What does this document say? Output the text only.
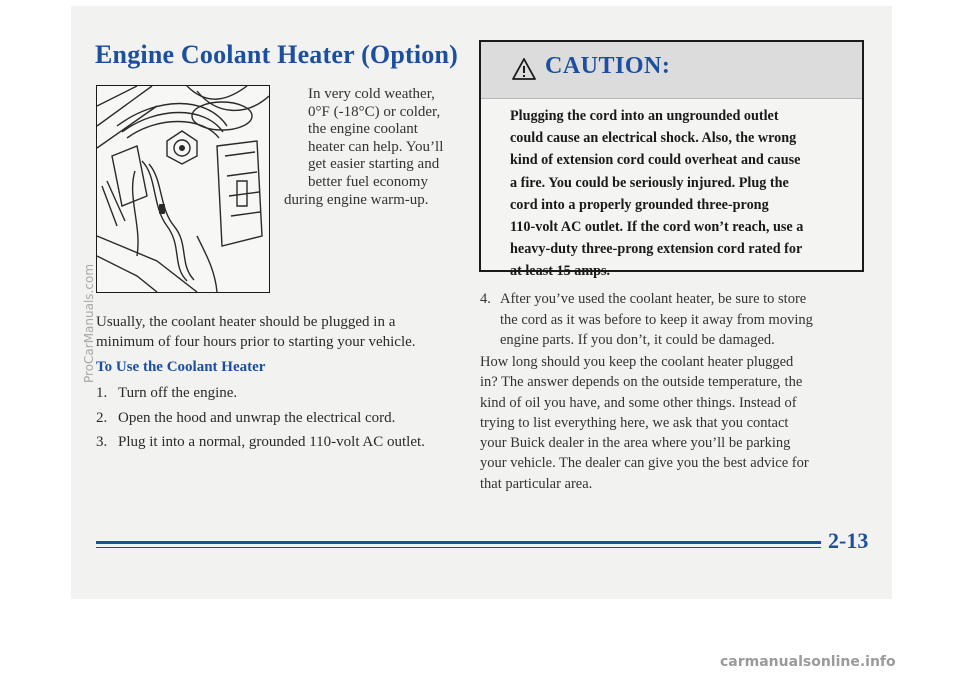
Engine Coolant Heater (Option)

In very cold weather,
0°F (-18°C) or colder,
the engine coolant
heater can help. You’ll
get easier starting and
better fuel economy
during engine warm-up.

Usually, the coolant heater should be plugged in a minimum of four hours prior to starting your vehicle.

To Use the Coolant Heater
1. Turn off the engine.
2. Open the hood and unwrap the electrical cord.
3. Plug it into a normal, grounded 110-volt AC outlet.
CAUTION:

Plugging the cord into an ungrounded outlet
could cause an electrical shock. Also, the wrong
kind of extension cord could overheat and cause
a fire. You could be seriously injured. Plug the
cord into a properly grounded three-prong
110-volt AC outlet. If the cord won’t reach, use a
heavy-duty three-prong extension cord rated for
at least 15 amps.

4. After you’ve used the coolant heater, be sure to store
the cord as it was before to keep it away from moving
engine parts. If you don’t, it could be damaged.

How long should you keep the coolant heater plugged
in? The answer depends on the outside temperature, the
kind of oil you have, and some other things. Instead of
trying to list everything here, we ask that you contact
your Buick dealer in the area where you’ll be parking
your vehicle. The dealer can give you the best advice for
that particular area.

2-13
ProCarManuals.com
carmanualsonline.info
